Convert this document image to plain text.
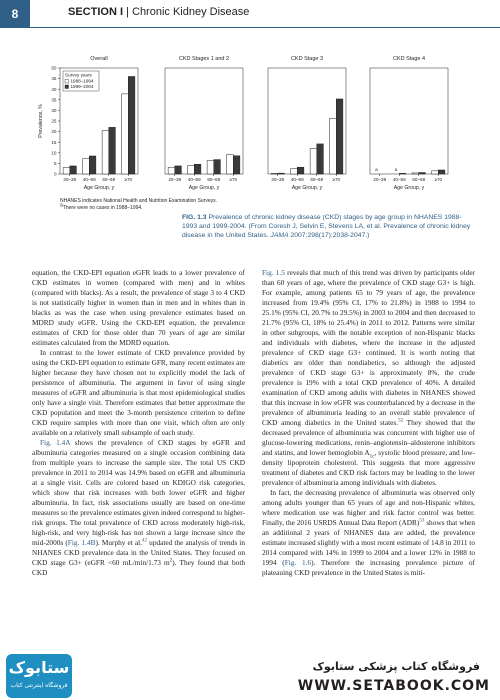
8	SECTION I | Chronic Kidney Disease
Overall
0
5
10
15
20
25
30
35
40
45
50
Prevalence, %
Survey years
1988–1994
1999–2004
20–39 40–59 60–69 ≥70
Age Group, y
CKD Stages 1 and 2
20–39 40–59 60–69 ≥70
Age Group, y
CKD Stage 3
20–39 40–59 60–69 ≥70
Age Group, y
CKD Stage 4
20–39 40–59 60–69 ≥70
a	a
Age Group, y
NHANES indicates National Health and Nutrition Examination Surveys.
$^a$There were no cases in 1988–1994.
FIG. 1.3 Prevalence of chronic kidney disease (CKD) stages by age group in NHANES 1988-1993 and 1999-2004. (From Coresh J, Selvin E, Stevens LA, et al. Prevalence of chronic kidney disease in the United States. JAMA 2007;298(17):2038-2047.)

equation, the CKD-EPI equation eGFR leads to a lower prevalence of CKD estimates in women (compared with men) and in whites (compared with blacks). As a result, the prevalence of stage 3 to 4 CKD is not statistically higher in women than in men and in whites than in blacks as was the case when using prevalence estimates based on MDRD study eGFR. Using the CKD-EPI equation, the prevalence estimates of CKD for those older than 70 years of age are similar estimates calculated from the MDRD equation.

In contrast to the lower estimate of CKD prevalence provided by using the CKD-EPI equation to estimate GFR, many recent estimates are higher because they have chosen not to explicitly model the lack of persistence of albuminuria. The argument in favor of using single measures of eGFR and albuminuria is that most epidemiological studies only have a single visit. Therefore estimates that better approximate the CKD population and meet the 3-month persistence criterion to define CKD require samples with more than one visit, which often are only available on a relatively small subsample of each study.

Fig. 1.4A shows the prevalence of CKD stages by eGFR and albuminuria categories measured on a single occasion combining data from multiple years to increase the sample size. The total US CKD prevalence in 2011 to 2014 was 14.9% based on eGFR and albuminuria at a single visit. Cells are colored based on KDIGO risk categories, which show that risk increases with both lower eGFR and higher albuminuria. In fact, risk associations usually are based on one-time measures so the prevalence estimates given indeed correspond to higher-risk groups. The total prevalence of CKD across moderately high-risk, high-risk, and very high-risk has not shown a large increase since the mid-2000s (Fig. 1.4B). Murphy et al.$^{42}$ updated the analysis of trends in NHANES CKD prevalence data in the United States. They focused on CKD stage G3+ (eGFR <60 mL/min/1.73 $m^2$). They found that both CKD

Fig. 1.5 reveals that much of this trend was driven by participants older than 60 years of age, where the prevalence of CKD stage G3+ is high. For example, among patients 65 to 79 years of age, the prevalence increased from 19.4% (95% CI, 17% to 21.8%) in 1988 to 1994 to 25.1% (95% CI, 20.7% to 29.5%) in 2003 to 2004 and then decreased to 21.7% (95% CI, 18% to 25.4%) in 2011 to 2012. Patterns were similar in other subgroups, with the notable exception of non-Hispanic blacks and individuals with diabetes, where the increase in the adjusted prevalence of CKD stage G3+ continued. It is worth noting that diabetics are older than nondiabetics, so although the adjusted prevalence of CKD stage G3+ is approximately 8%, the crude prevalence is 19% with a total CKD prevalence of 40%. A detailed examination of CKD among adults with diabetes in NHANES showed that this increase in low eGFR was counterbalanced by a decrease in the prevalence of albuminuria leading to an overall stable prevalence of CKD among diabetics in the United states.$^{52}$ They showed that the decreased prevalence of albuminuria was concurrent with higher use of glucose-lowering medications, renin–angiotensin–aldosterone inhibitors and statins, and lower hemoglobin $A_{1c}$, systolic blood pressure, and low-density lipoprotein cholesterol. This suggests that more aggressive treatment of diabetes and CKD risk factors may be leading to the lower prevalence of albuminuria among individuals with diabetes.

In fact, the decreasing prevalence of albuminuria was observed only among adults younger than 65 years of age and non-Hispanic whites, where medication use was higher and risk factor control was better. Finally, the 2016 USRDS Annual Data Report (ADR)$^{53}$ shows that when an additional 2 years of NHANES data are added, the prevalence estimate increased slightly with a most recent estimate of 14.8 in 2011 to 2014 compared with 14% in 1999 to 2004 and a lower 12% in 1988 to 1994 (Fig. 1.6). Therefore the increasing prevalence picture of plateauing CKD prevalence in the United States is miti-

ستابوک
فروشگاه اینترنتی کتاب
فروشگاه کتاب پزشکی ستابوک
WWW.SETABOOK.COM
